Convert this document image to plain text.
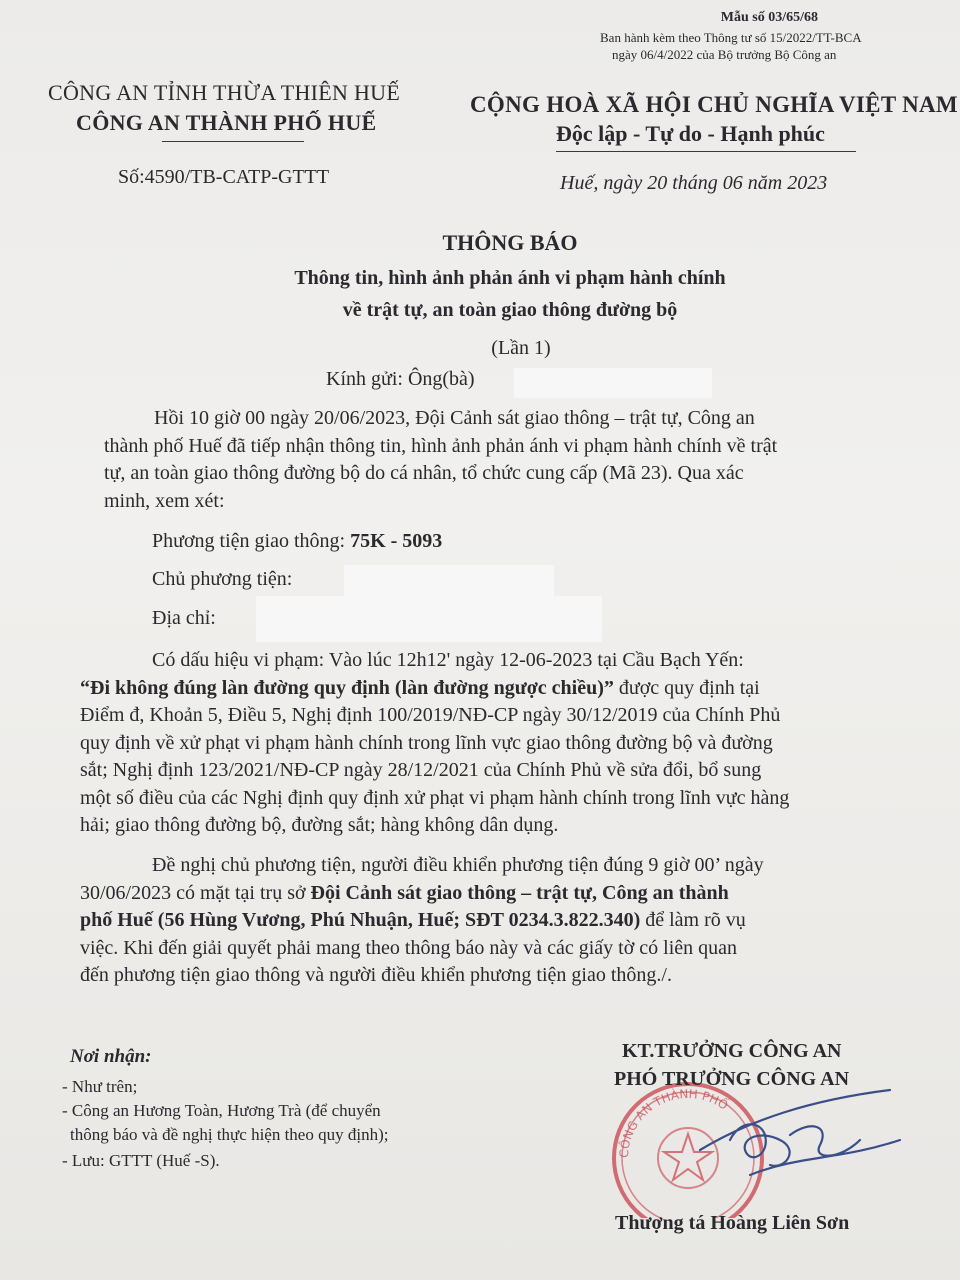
Mẫu số 03/65/68
Ban hành kèm theo Thông tư số 15/2022/TT-BCA
ngày 06/4/2022 của Bộ trưởng Bộ Công an
CÔNG AN TỈNH THỪA THIÊN HUẾ
CÔNG AN THÀNH PHỐ HUẾ
Số:4590/TB-CATP-GTTT
CỘNG HOÀ XÃ HỘI CHỦ NGHĨA VIỆT NAM
Độc lập - Tự do - Hạnh phúc
Huế, ngày 20 tháng 06 năm 2023
THÔNG BÁO
Thông tin, hình ảnh phản ánh vi phạm hành chính
về trật tự, an toàn giao thông đường bộ
(Lần 1)
Kính gửi: Ông(bà)
Hồi 10 giờ 00 ngày 20/06/2023, Đội Cảnh sát giao thông – trật tự, Công an
thành phố Huế đã tiếp nhận thông tin, hình ảnh phản ánh vi phạm hành chính về trật
tự, an toàn giao thông đường bộ do cá nhân, tổ chức cung cấp (Mã 23). Qua xác
minh, xem xét:
Phương tiện giao thông: 75K - 5093
Chủ phương tiện:
Địa chỉ:
Có dấu hiệu vi phạm: Vào lúc 12h12' ngày 12-06-2023 tại Cầu Bạch Yến:
“Đi không đúng làn đường quy định (làn đường ngược chiều)” được quy định tại
Điểm đ, Khoản 5, Điều 5, Nghị định 100/2019/NĐ-CP ngày 30/12/2019 của Chính Phủ
quy định về xử phạt vi phạm hành chính trong lĩnh vực giao thông đường bộ và đường
sắt; Nghị định 123/2021/NĐ-CP ngày 28/12/2021 của Chính Phủ về sửa đổi, bổ sung
một số điều của các Nghị định quy định xử phạt vi phạm hành chính trong lĩnh vực hàng
hải; giao thông đường bộ, đường sắt; hàng không dân dụng.
Đề nghị chủ phương tiện, người điều khiển phương tiện đúng 9 giờ 00’ ngày
30/06/2023 có mặt tại trụ sở Đội Cảnh sát giao thông – trật tự, Công an thành
phố Huế (56 Hùng Vương, Phú Nhuận, Huế; SĐT 0234.3.822.340) để làm rõ vụ
việc. Khi đến giải quyết phải mang theo thông báo này và các giấy tờ có liên quan
đến phương tiện giao thông và người điều khiển phương tiện giao thông./.
Nơi nhận:
- Như trên;
- Công an Hương Toàn, Hương Trà (để chuyển
thông báo và đề nghị thực hiện theo quy định);
- Lưu: GTTT (Huế -S).	CÔNG AN THÀNH PHỐ
KT.TRƯỞNG CÔNG AN
PHÓ TRƯỞNG CÔNG AN
Thượng tá Hoàng Liên Sơn
